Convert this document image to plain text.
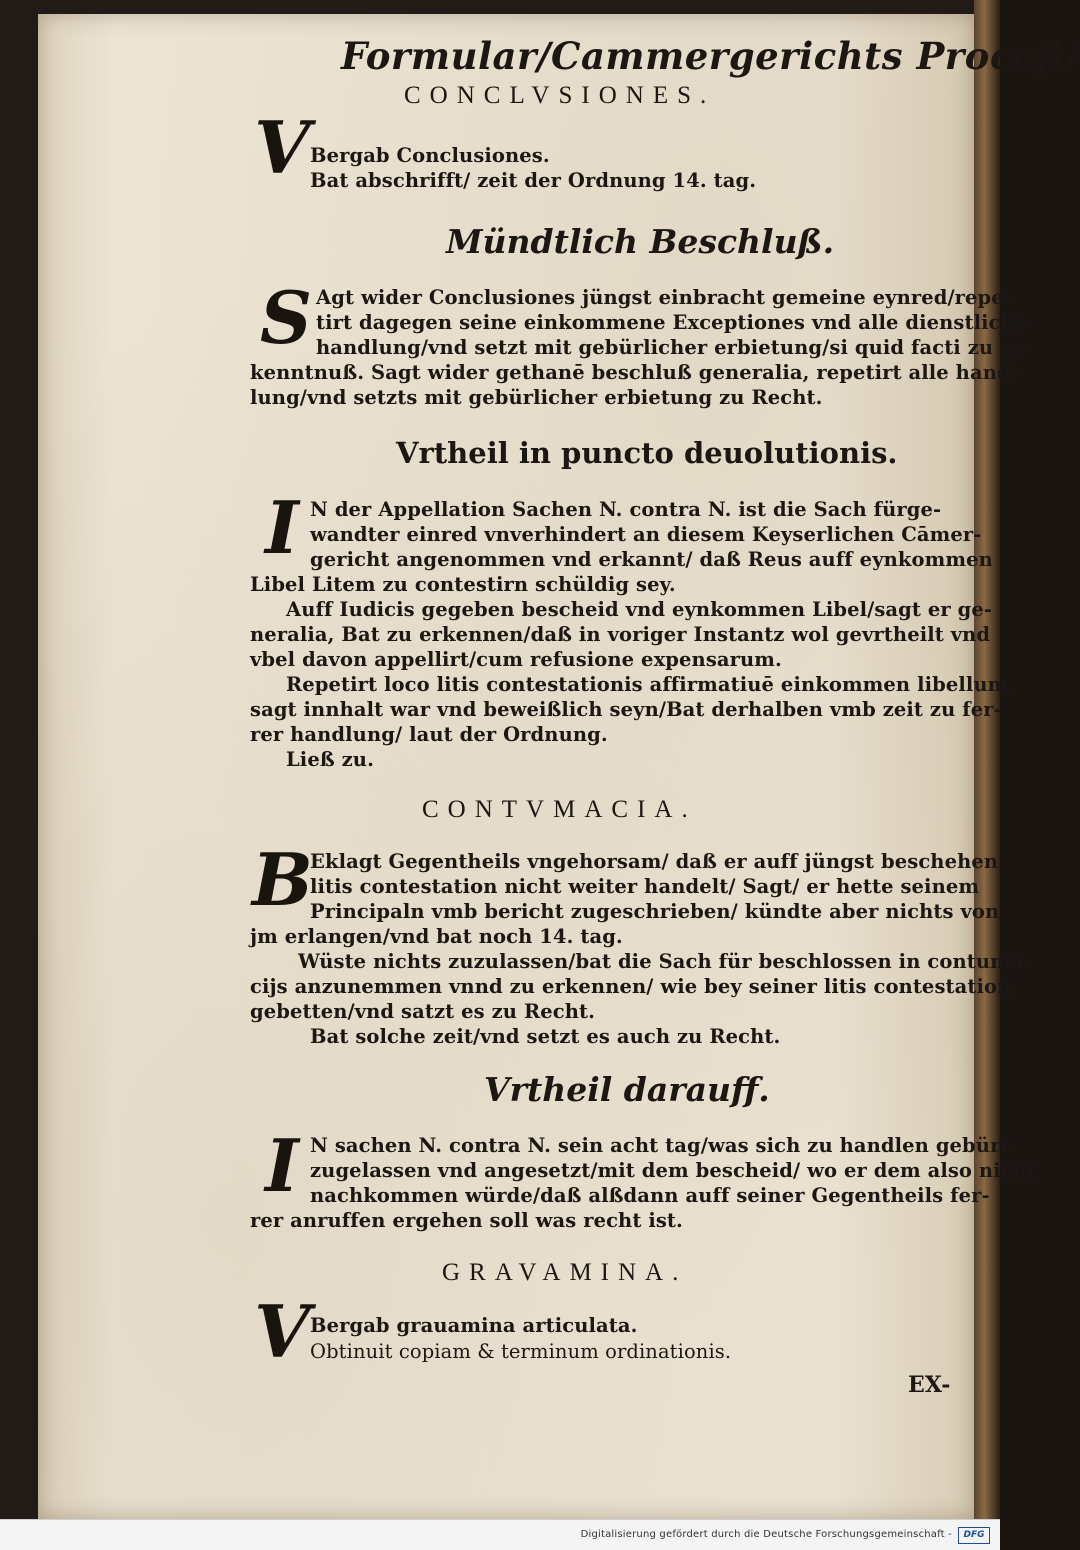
Formular/Cammergerichts Proceß/
CONCLVSIONES.
V Bergab Conclusiones.
Bat abschrifft/ zeit der Ordnung 14. tag.
Mündtlich Beschluß.
S Agt wider Conclusiones jüngst einbracht gemeine eynred/repe-
tirt dagegen seine einkommene Exceptiones vnd alle dienstliche
handlung/vnd setzt mit gebürlicher erbietung/si quid facti zu er-
kenntnuß. Sagt wider gethanē beschluß generalia, repetirt alle hand-
lung/vnd setzts mit gebürlicher erbietung zu Recht.
Vrtheil in puncto deuolutionis.
I N der Appellation Sachen N. contra N. ist die Sach fürge-
wandter einred vnverhindert an diesem Keyserlichen Cāmer-
gericht angenommen vnd erkannt/ daß Reus auff eynkommen
Libel Litem zu contestirn schüldig sey.
Auff Iudicis gegeben bescheid vnd eynkommen Libel/sagt er ge-
neralia, Bat zu erkennen/daß in voriger Instantz wol gevrtheilt vnd
vbel davon appellirt/cum refusione expensarum.
Repetirt loco litis contestationis affirmatiuē einkommen libellum,
sagt innhalt war vnd beweißlich seyn/Bat derhalben vmb zeit zu fer-
rer handlung/ laut der Ordnung.
Ließ zu.
CONTVMACIA.
B
Eklagt Gegentheils vngehorsam/ daß er auff jüngst beschehen
litis contestation nicht weiter handelt/ Sagt/ er hette seinem
Principaln vmb bericht zugeschrieben/ kündte aber nichts von
jm erlangen/vnd bat noch 14. tag.
Wüste nichts zuzulassen/bat die Sach für beschlossen in contuma-
cijs anzunemmen vnnd zu erkennen/ wie bey seiner litis contestation
gebetten/vnd satzt es zu Recht.
Bat solche zeit/vnd setzt es auch zu Recht.
Vrtheil darauff.
I N sachen N. contra N. sein acht tag/was sich zu handlen gebürt
zugelassen vnd angesetzt/mit dem bescheid/ wo er dem also nicht
nachkommen würde/daß alßdann auff seiner Gegentheils fer-
rer anruffen ergehen soll was recht ist.
GRAVAMINA.
V Bergab grauamina articulata.
Obtinuit copiam & terminum ordinationis.
EX-
Digitalisierung gefördert durch die Deutsche Forschungsgemeinschaft -	DFG
